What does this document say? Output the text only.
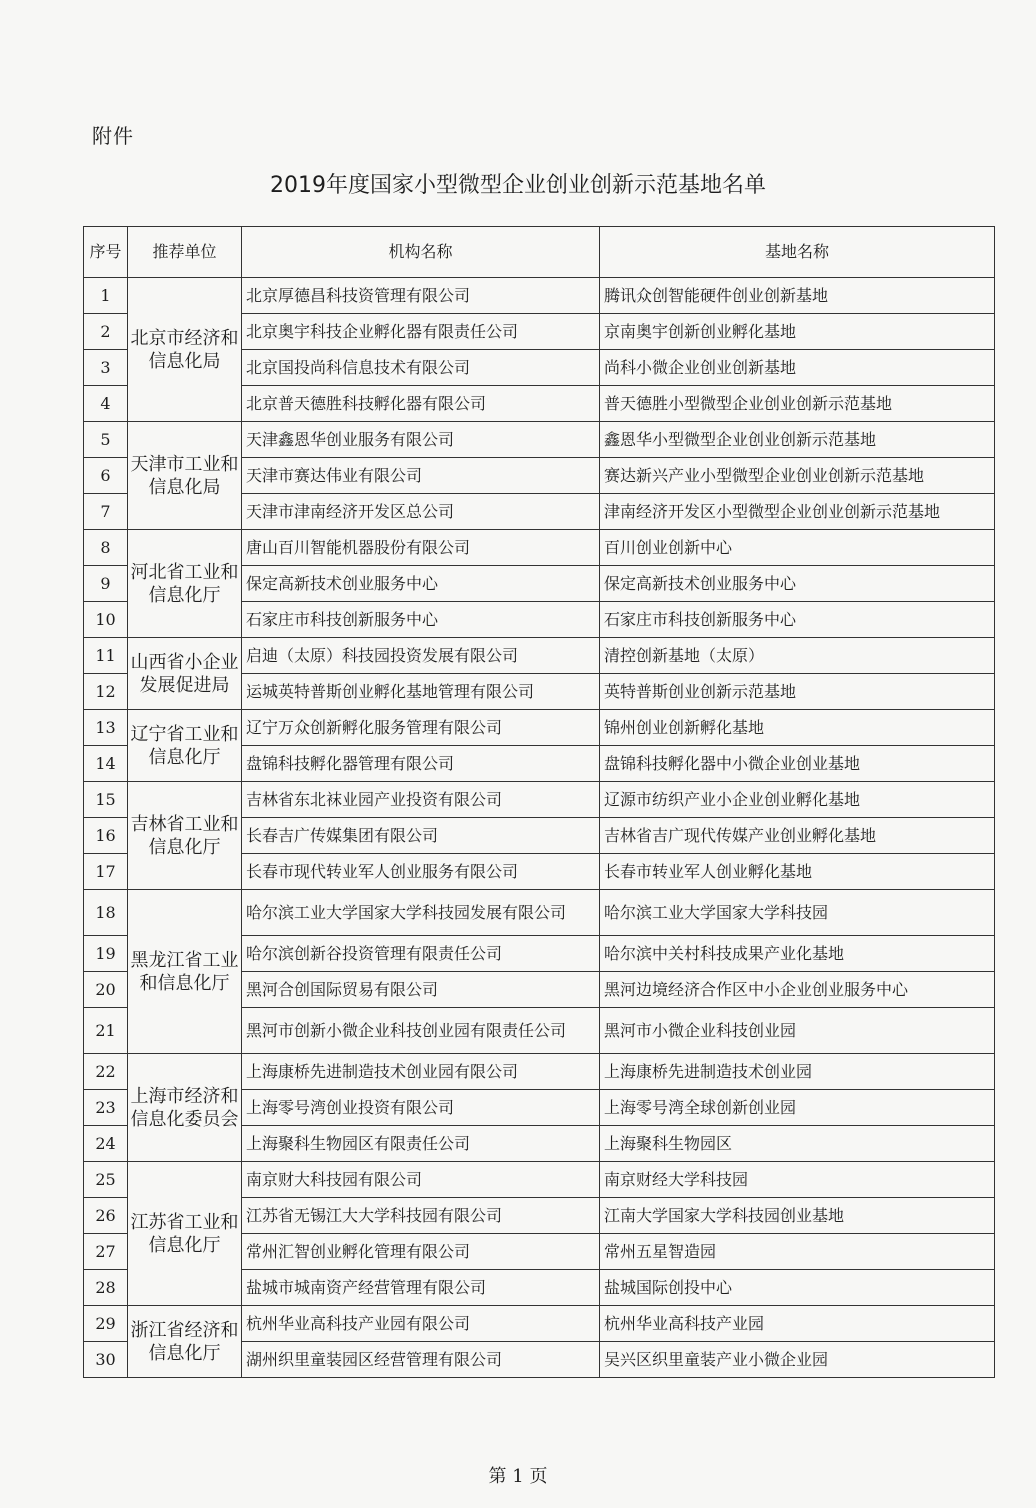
附件
2019年度国家小型微型企业创业创新示范基地名单
序号	推荐单位	机构名称	基地名称
1	北京市经济和信息化局	北京厚德昌科技资管理有限公司	腾讯众创智能硬件创业创新基地
2		北京奥宇科技企业孵化器有限责任公司	京南奥宇创新创业孵化基地
3		北京国投尚科信息技术有限公司	尚科小微企业创业创新基地
4		北京普天德胜科技孵化器有限公司	普天德胜小型微型企业创业创新示范基地
5	天津市工业和信息化局	天津鑫恩华创业服务有限公司	鑫恩华小型微型企业创业创新示范基地
6		天津市赛达伟业有限公司	赛达新兴产业小型微型企业创业创新示范基地
7		天津市津南经济开发区总公司	津南经济开发区小型微型企业创业创新示范基地
8	河北省工业和信息化厅	唐山百川智能机器股份有限公司	百川创业创新中心
9		保定高新技术创业服务中心	保定高新技术创业服务中心
10		石家庄市科技创新服务中心	石家庄市科技创新服务中心
11	山西省小企业发展促进局	启迪（太原）科技园投资发展有限公司	清控创新基地（太原）
12		运城英特普斯创业孵化基地管理有限公司	英特普斯创业创新示范基地
13	辽宁省工业和信息化厅	辽宁万众创新孵化服务管理有限公司	锦州创业创新孵化基地
14		盘锦科技孵化器管理有限公司	盘锦科技孵化器中小微企业创业基地
15	吉林省工业和信息化厅	吉林省东北袜业园产业投资有限公司	辽源市纺织产业小企业创业孵化基地
16		长春吉广传媒集团有限公司	吉林省吉广现代传媒产业创业孵化基地
17		长春市现代转业军人创业服务有限公司	长春市转业军人创业孵化基地
18	黑龙江省工业和信息化厅	哈尔滨工业大学国家大学科技园发展有限公司	哈尔滨工业大学国家大学科技园
19		哈尔滨创新谷投资管理有限责任公司	哈尔滨中关村科技成果产业化基地
20		黑河合创国际贸易有限公司	黑河边境经济合作区中小企业创业服务中心
21		黑河市创新小微企业科技创业园有限责任公司	黑河市小微企业科技创业园
22	上海市经济和信息化委员会	上海康桥先进制造技术创业园有限公司	上海康桥先进制造技术创业园
23		上海零号湾创业投资有限公司	上海零号湾全球创新创业园
24		上海聚科生物园区有限责任公司	上海聚科生物园区
25	江苏省工业和信息化厅	南京财大科技园有限公司	南京财经大学科技园
26		江苏省无锡江大大学科技园有限公司	江南大学国家大学科技园创业基地
27		常州汇智创业孵化管理有限公司	常州五星智造园
28		盐城市城南资产经营管理有限公司	盐城国际创投中心
29	浙江省经济和信息化厅	杭州华业高科技产业园有限公司	杭州华业高科技产业园
30		湖州织里童装园区经营管理有限公司	吴兴区织里童装产业小微企业园
第 1 页
